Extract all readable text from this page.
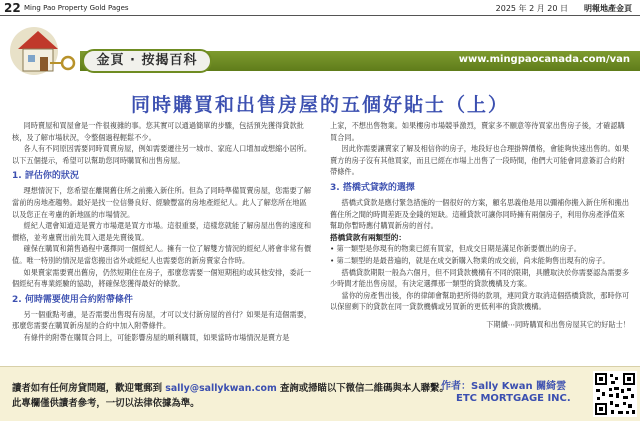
22 Ming Pao Property Gold Pages	2025 年 2 月 20 日 明報地產金頁
金頁 · 按揭百科	www.mingpaocanada.com/van
同時購買和出售房屋的五個好貼士（上）

同時賣屋和買屋會是一件很複雜的事。您其實可以通過簡單的步驟，包括預先獲得貸款批核，及了解市場狀況，令整個過程輕鬆不少。

各人有不同原因需要同時買賣房屋，例如需要遷往另一城市、家庭人口增加或想縮小居所。以下五個提示，希望可以幫助您同時購買和出售房屋。

1. 評估你的狀況

理想情況下，您希望在離開舊住所之前搬入新住所。但為了同時準備買賣房屋，您需要了解當前的房地產趨勢。最好是找一位信譽良好、經驗豐富的房地產經紀人。此人了解您所在地區以及您正在考慮的新地區的市場情況。

經紀人還會知道這是賣方市場還是買方市場。這很重要，這樣您就能了解房屋出售的速度和價格，並考慮賣出前先買入還是先賣後買。

確保在購買和銷售過程中選擇同一個經紀人。擁有一位了解雙方情況的經紀人將會非常有價值。唯一特別的情況是當您搬出省外或經紀人也需要您的新房賣家合作時。

如果賣家需要賣出舊房，仍然短期住在房子，那麼您需要一個短期租約或其他安排，委託一個經紀有專業經驗的協助，將確保您獲得最好的條款。

2. 何時需要使用合約附帶條件

另一個重點考慮，是否需要出售現有房屋，才可以支付新房屋的首付？如果是有這個需要，那麼您需要在購買新房屋的合約中加入附帶條件。

有條件的附帶在購買合同上，可能影響房屋的順利購買，如果當時市場情況是賣方是

上家，不想出售物業。如果樓房市場競爭激烈，賣家多不願意等待買家出售房子後，才確認購買合同。

因此你需要讓賣家了解及相信你的房子，地段好也合理掛牌價格，會能夠快速出售的。如果賣方的房子沒有其他買家，而且已經在市場上出售了一段時間，他們大可能會同意簽訂合約附帶條件。

3. 搭橋式貸款的選擇

搭橋式貸款是應付緊急措施的一個很好的方案，顧名思義他是用以彌補你搬入新住所和搬出舊住所之間的時間差距及金錢的短缺。這種貸款可讓你同時擁有兩個房子，利用你房產淨值來幫助你暫時應付購買新房的首付。

搭橋貸款有兩類型的：
• 第一類型是你現有的物業已經有買家，但成交日期是滿足你新要價出的房子。
• 第二類型的是最普遍的，就是在成交新購入物業的成交前，尚未能夠售出現有的房子。

搭橋貸款期限一般為六個月，但不同貸款機構有不同的限期，具體取決於你需要認為需要多少時間才能出售房屋，有決定選擇那一類型的貸款機構及方案。

當你的房產售出後，你的律師會幫助把所得的款項，連同貸方取消這個搭橋貸款，那時你可以保留剩下的貸款在同一貸款機構或另買新的更低利率的貸款機構。

下期續⋯同時購買和出售房屋其它的好貼士！

讀者如有任何房貸問題，歡迎電郵到 sally@sallykwan.com 查詢或掃瞄以下微信二維碼與本人聯繫。
此專欄僅供讀者參考，一切以法律依據為準。
作者：Sally Kwan 關綺雲
ETC MORTGAGE INC.
